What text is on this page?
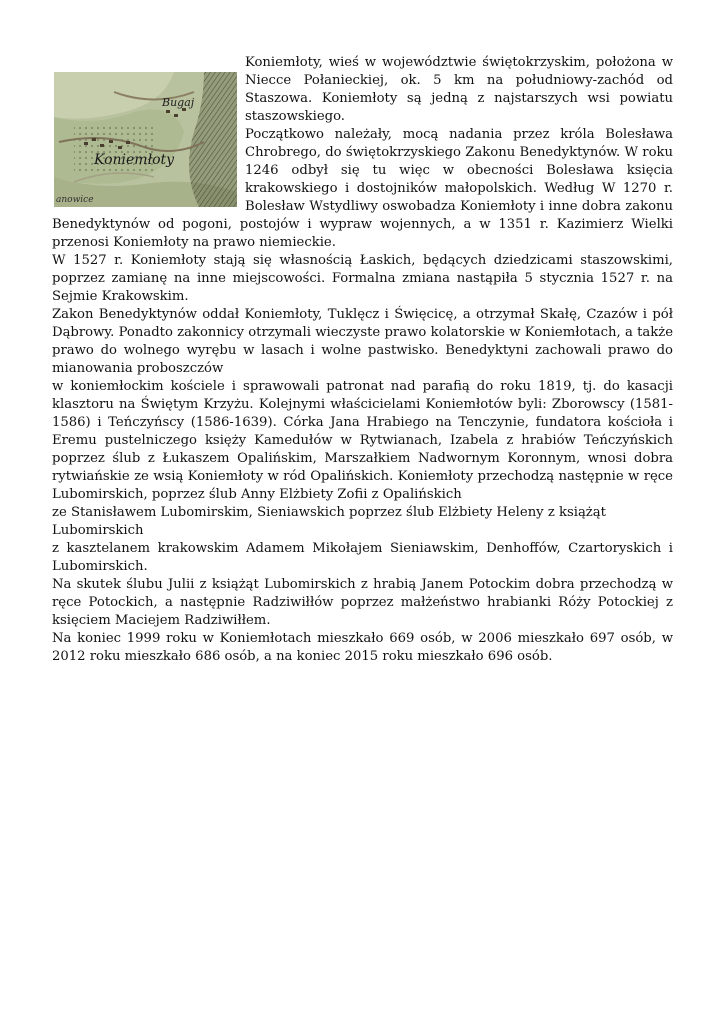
Bugaj
Koniemłoty
anowice

Koniemłoty, wieś w województwie świętokrzyskim, położona w Niecce Połanieckiej, ok. 5 km na południowy-zachód od Staszowa. Koniemłoty są jedną z najstarszych wsi powiatu staszowskiego.

Początkowo należały, mocą nadania przez króla Bolesława Chrobrego, do świętokrzyskiego Zakonu Benedyktynów. W roku 1246 odbył się tu więc w obecności Bolesława księcia krakowskiego i dostojników małopolskich. Według W 1270 r. Bolesław Wstydliwy oswobadza Koniemłoty i inne dobra zakonu Benedyktynów od pogoni, postojów i wypraw wojennych, a w 1351 r. Kazimierz Wielki przenosi Koniemłoty na prawo niemieckie.

W 1527 r. Koniemłoty stają się własnością Łaskich, będących dziedzicami staszowskimi, poprzez zamianę na inne miejscowości. Formalna zmiana nastąpiła 5 stycznia 1527 r. na Sejmie Krakowskim.

Zakon Benedyktynów oddał Koniemłoty, Tuklęcz i Święcicę, a otrzymał Skałę, Czazów i pół Dąbrowy. Ponadto zakonnicy otrzymali wieczyste prawo kolatorskie w Koniemłotach, a także prawo do wolnego wyrębu w lasach i wolne pastwisko. Benedyktyni zachowali prawo do mianowania proboszczów

w koniemłockim kościele i sprawowali patronat nad parafią do roku 1819, tj. do kasacji klasztoru na Świętym Krzyżu. Kolejnymi właścicielami Koniemłotów byli: Zborowscy (1581-1586) i Teńczyńscy (1586-1639). Córka Jana Hrabiego na Tenczynie, fundatora kościoła i Eremu pustelniczego księży Kamedułów w Rytwianach, Izabela z hrabiów Teńczyńskich poprzez ślub z Łukaszem Opalińskim, Marszałkiem Nadwornym Koronnym, wnosi dobra rytwiańskie ze wsią Koniemłoty w ród Opalińskich. Koniemłoty przechodzą następnie w ręce Lubomirskich, poprzez ślub Anny Elżbiety Zofii z Opalińskich

ze Stanisławem Lubomirskim, Sieniawskich poprzez ślub Elżbiety Heleny z książąt Lubomirskich

z kasztelanem krakowskim Adamem Mikołajem Sieniawskim, Denhoffów, Czartoryskich i Lubomirskich.

Na skutek ślubu Julii z książąt Lubomirskich z hrabią Janem Potockim dobra przechodzą w ręce Potockich, a następnie Radziwiłłów poprzez małżeństwo hrabianki Róży Potockiej z księciem Maciejem Radziwiłłem.

Na koniec 1999 roku w Koniemłotach mieszkało 669 osób, w 2006 mieszkało 697 osób, w 2012 roku mieszkało 686 osób, a na koniec 2015 roku mieszkało 696 osób.
